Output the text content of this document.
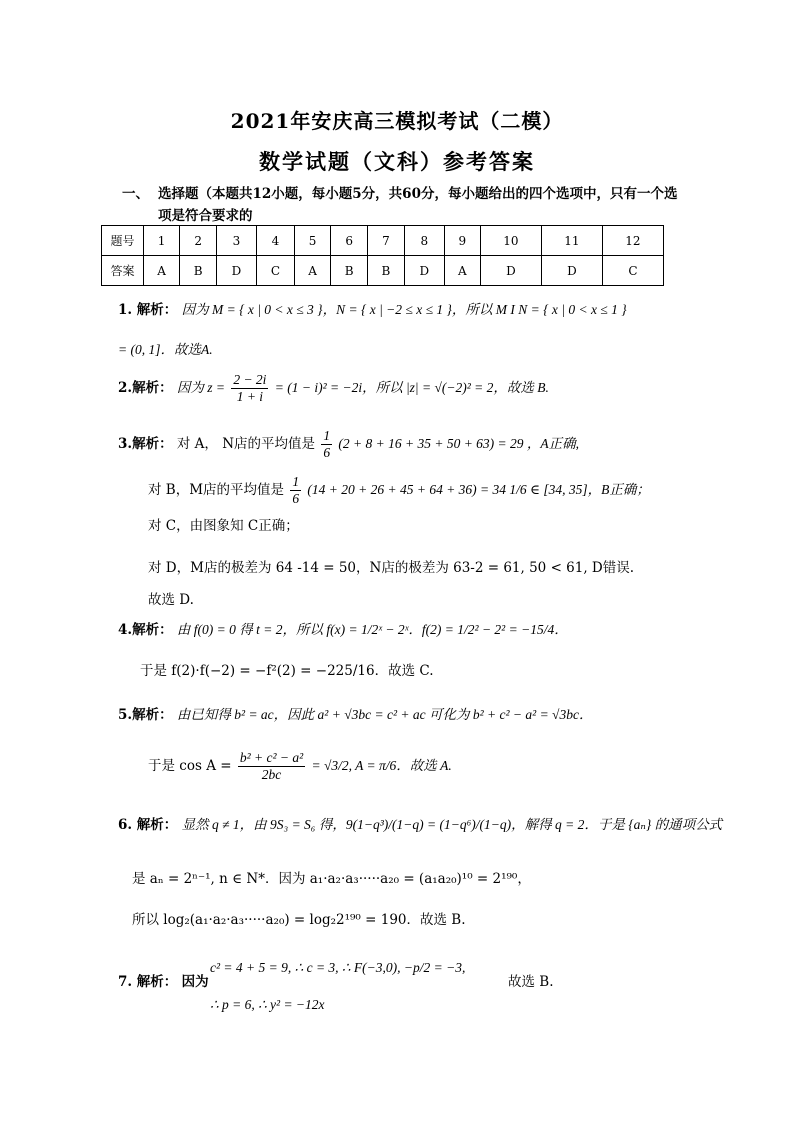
2021年安庆高三模拟考试（二模）
数学试题（文科）参考答案
一、 选择题（本题共12小题，每小题5分，共60分，每小题给出的四个选项中，只有一个选项是符合要求的
题号	1	2	3	4	5	6	7	8	9	10	11	12
答案	A	B	D	C	A	B	B	D	A	D	D	C
1. 解析： 因为 M = { x | 0 < x ≤ 3 }，N = { x | −2 ≤ x ≤ 1 }，所以 M I N = { x | 0 < x ≤ 1 }
= (0, 1]．故选A.
2.解析： 因为 $z = \frac{2 - 2i}{1 + i} = (1 - i)^2 = -2i$，所以 |z| = √(−2)² = 2，故选 B.
3.解析： 对 A， N店的平均值是 $\frac{1}{6} (2 + 8 + 16 + 35 + 50 + 63) = 29$ ，A正确,
对 B，M店的平均值是 $\frac{1}{6} (14 + 20 + 26 + 45 + 64 + 36) = 34$ 1/6 ∈ [34, 35]，B正确；
对 C，由图象知 C正确；
对 D，M店的极差为 64 -14 = 50，N店的极差为 63-2 = 61, 50 < 61, D错误.
故选 D.
4.解析： 由 f(0) = 0 得 t = 2，所以 f(x) = 1/2ˣ − 2ˣ．f(2) = 1/2² − 2² = −15/4．
于是 f(2)·f(−2) = −f²(2) = −225/16．故选 C.
5.解析： 由已知得 b² = ac，因此 a² + √3bc = c² + ac 可化为 b² + c² − a² = √3bc．
于是 $\cos A = \frac{\text{b² + c² − a²}}{2bc} = √3/2$, A = π/6．故选 A.
6. 解析： 显然 q ≠ 1，由 9S₃ = S₆ 得，9(1−q³)/(1−q) = (1−q⁶)/(1−q)，解得 q = 2．于是 {aₙ} 的通项公式
是 aₙ = 2ⁿ⁻¹, n ∈ N*．因为 a₁·a₂·a₃·····a₂₀ = (a₁a₂₀)¹⁰ = 2¹⁹⁰，
所以 log₂(a₁·a₂·a₃·····a₂₀) = log₂2¹⁹⁰ = 190．故选 B.
7. 解析： 因为
c² = 4 + 5 = 9, ∴ c = 3, ∴ F(−3,0), −p/2 = −3,
∴ p = 6, ∴ y² = −12x
故选 B.
